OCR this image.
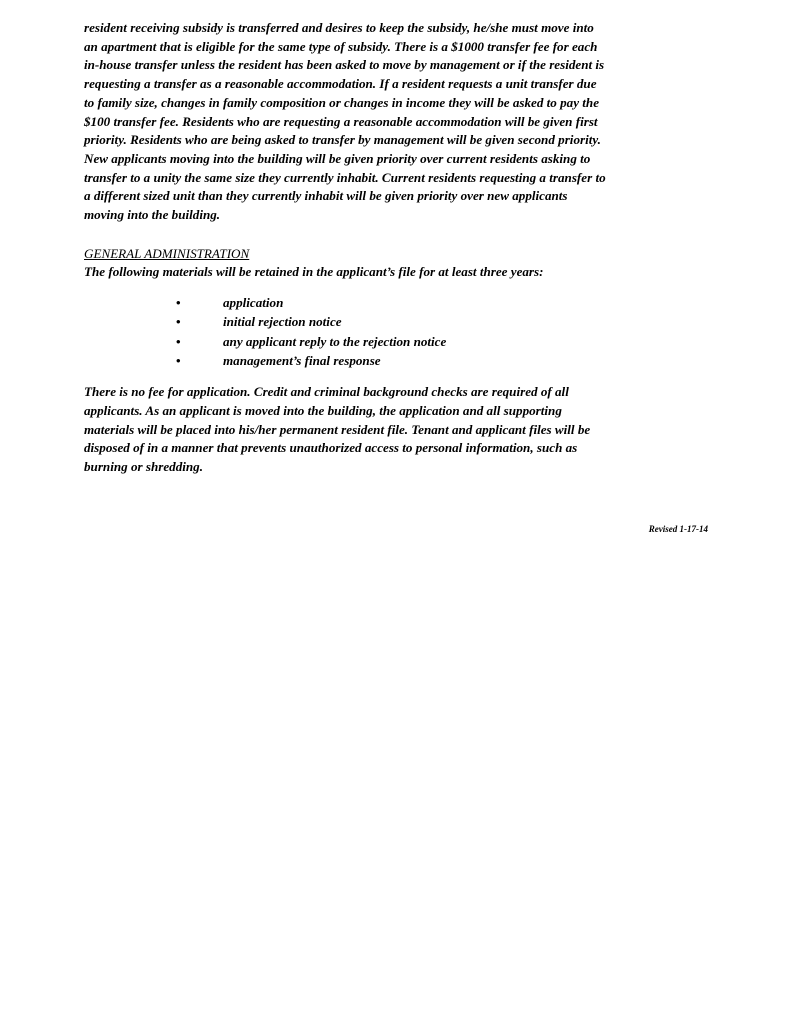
resident receiving subsidy is transferred and desires to keep the subsidy, he/she must move into
an apartment that is eligible for the same type of subsidy. There is a $1000 transfer fee for each
in-house transfer unless the resident has been asked to move by management or if the resident is
requesting a transfer as a reasonable accommodation. If a resident requests a unit transfer due
to family size, changes in family composition or changes in income they will be asked to pay the
$100 transfer fee. Residents who are requesting a reasonable accommodation will be given first
priority. Residents who are being asked to transfer by management will be given second priority.
New applicants moving into the building will be given priority over current residents asking to
transfer to a unity the same size they currently inhabit. Current residents requesting a transfer to
a different sized unit than they currently inhabit will be given priority over new applicants
moving into the building.
GENERAL ADMINISTRATION
The following materials will be retained in the applicant’s file for at least three years:
•	application
•	initial rejection notice
•	any applicant reply to the rejection notice
•	management’s final response
There is no fee for application. Credit and criminal background checks are required of all
applicants. As an applicant is moved into the building, the application and all supporting
materials will be placed into his/her permanent resident file. Tenant and applicant files will be
disposed of in a manner that prevents unauthorized access to personal information, such as
burning or shredding.
Revised 1-17-14
